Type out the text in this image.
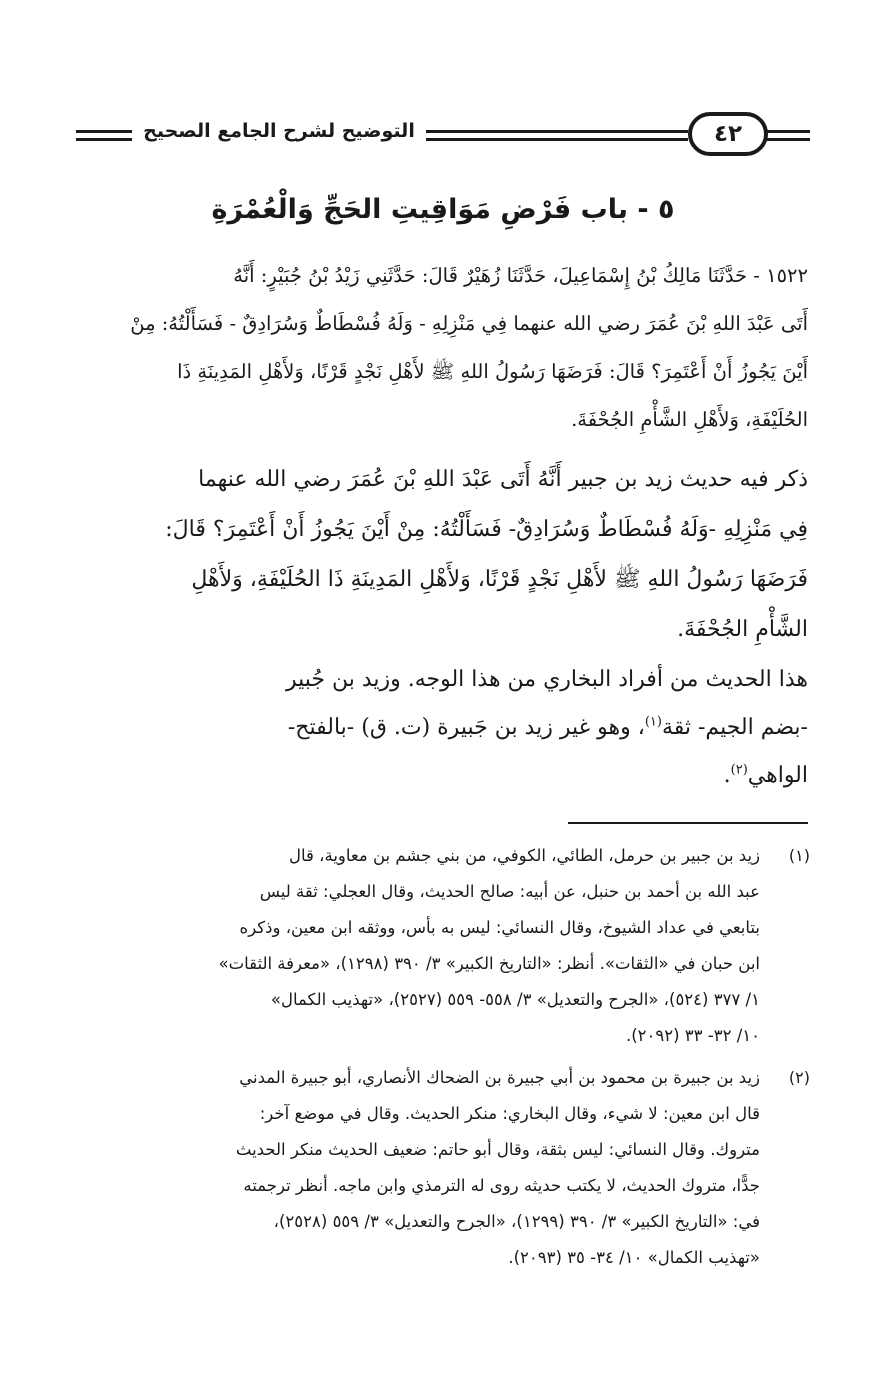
التوضيح لشرح الجامع الصحيح	٤٢
٥ - باب فَرْضِ مَوَاقِيتِ الحَجِّ وَالْعُمْرَةِ
١٥٢٢ - حَدَّثَنَا مَالِكُ بْنُ إِسْمَاعِيلَ، حَدَّثَنَا زُهَيْرٌ قَالَ: حَدَّثَنِي زَيْدُ بْنُ جُبَيْرٍ: أَنَّهُ
أَتَى عَبْدَ اللهِ بْنَ عُمَرَ رضي الله عنهما فِي مَنْزِلِهِ - وَلَهُ فُسْطَاطٌ وَسُرَادِقٌ - فَسَأَلْتُهُ: مِنْ
أَيْنَ يَجُوزُ أَنْ أَعْتَمِرَ؟ قَالَ: فَرَضَهَا رَسُولُ اللهِ ﷺ لأَهْلِ نَجْدٍ قَرْنًا، وَلأَهْلِ المَدِينَةِ ذَا
الحُلَيْفَةِ، وَلأَهْلِ الشَّأْمِ الجُحْفَةَ.
ذكر فيه حديث زيد بن جبير أَنَّهُ أَتَى عَبْدَ اللهِ بْنَ عُمَرَ رضي الله عنهما
فِي مَنْزِلِهِ -وَلَهُ فُسْطَاطٌ وَسُرَادِقٌ- فَسَأَلْتُهُ: مِنْ أَيْنَ يَجُوزُ أَنْ أَعْتَمِرَ؟ قَالَ:
فَرَضَهَا رَسُولُ اللهِ ﷺ لأَهْلِ نَجْدٍ قَرْنًا، وَلأَهْلِ المَدِينَةِ ذَا الحُلَيْفَةِ، وَلأَهْلِ
الشَّأْمِ الجُحْفَةَ.
هذا الحديث من أفراد البخاري من هذا الوجه. وزيد بن جُبير
-بضم الجيم- ثقة$^{(١)}$، وهو غير زيد بن جَبيرة (ت. ق) -بالفتح-
الواهي$^{(٢)}$.
(١)
زيد بن جبير بن حرمل، الطائي، الكوفي، من بني جشم بن معاوية، قال
عبد الله بن أحمد بن حنبل، عن أبيه: صالح الحديث، وقال العجلي: ثقة ليس
بتابعي في عداد الشيوخ، وقال النسائي: ليس به بأس، ووثقه ابن معين، وذكره
ابن حبان في «الثقات». أنظر: «التاريخ الكبير» ٣/ ٣٩٠ (١٢٩٨)، «معرفة الثقات»
١/ ٣٧٧ (٥٢٤)، «الجرح والتعديل» ٣/ ٥٥٨- ٥٥٩ (٢٥٢٧)، «تهذيب الكمال»
١٠/ ٣٢- ٣٣ (٢٠٩٢).
(٢)
زيد بن جبيرة بن محمود بن أبي جبيرة بن الضحاك الأنصاري، أبو جبيرة المدني
قال ابن معين: لا شيء، وقال البخاري: منكر الحديث. وقال في موضع آخر:
متروك. وقال النسائي: ليس بثقة، وقال أبو حاتم: ضعيف الحديث منكر الحديث
جدًّا، متروك الحديث، لا يكتب حديثه روى له الترمذي وابن ماجه. أنظر ترجمته
في: «التاريخ الكبير» ٣/ ٣٩٠ (١٢٩٩)، «الجرح والتعديل» ٣/ ٥٥٩ (٢٥٢٨)،
«تهذيب الكمال» ١٠/ ٣٤- ٣٥ (٢٠٩٣).
